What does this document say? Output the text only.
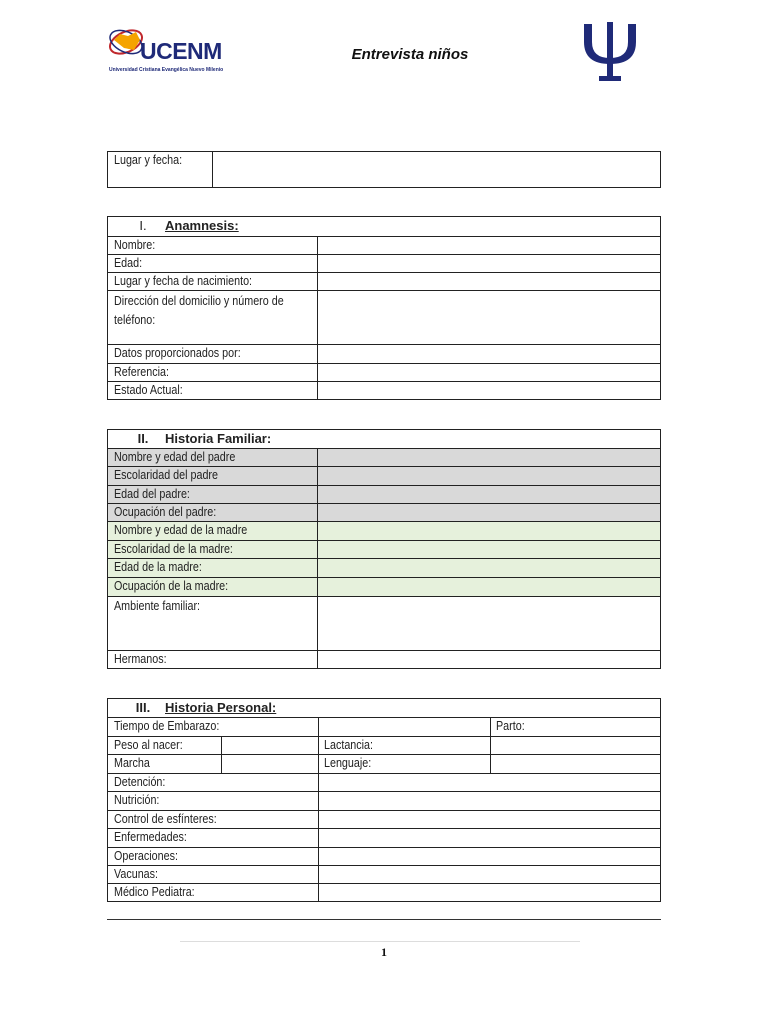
UCENM
Universidad Cristiana Evangélica Nuevo Milenio
Entrevista niños
Lugar y fecha:
I. Anamnesis:
Nombre:
Edad:
Lugar y fecha de nacimiento:
Dirección del domicilio y número de
teléfono:
Datos proporcionados por:
Referencia:
Estado Actual:
II. Historia Familiar:
Nombre y edad del padre
Escolaridad del padre
Edad del padre:
Ocupación del padre:
Nombre y edad de la madre
Escolaridad de la madre:
Edad de la madre:
Ocupación de la madre:
Ambiente familiar:
Hermanos:
III. Historia Personal:
Tiempo de Embarazo:	Parto:
Peso al nacer:	Lactancia:
Marcha	Lenguaje:
Detención:
Nutrición:
Control de esfínteres:
Enfermedades:
Operaciones:
Vacunas:
Médico Pediatra:
1
